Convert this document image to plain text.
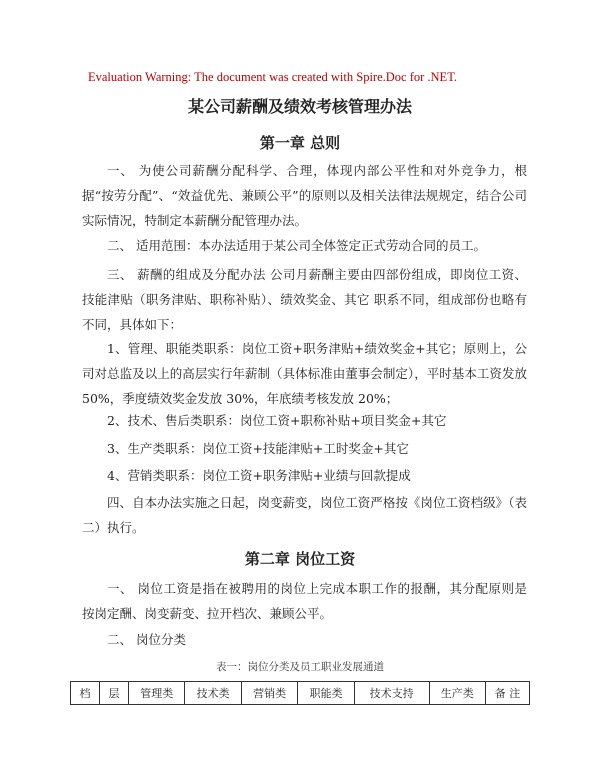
Evaluation Warning: The document was created with Spire.Doc for .NET.
某公司薪酬及绩效考核管理办法
第一章 总则
一、 为使公司薪酬分配科学、合理，体现内部公平性和对外竞争力，根据“按劳分配”、“效益优先、兼顾公平”的原则以及相关法律法规规定，结合公司实际情况，特制定本薪酬分配管理办法。
二、 适用范围：本办法适用于某公司全体签定正式劳动合同的员工。
三、 薪酬的组成及分配办法 公司月薪酬主要由四部份组成，即岗位工资、技能津贴（职务津贴、职称补贴）、绩效奖金、其它 职系不同，组成部份也略有不同，具体如下：
1、管理、职能类职系：岗位工资+职务津贴+绩效奖金+其它；原则上，公司对总监及以上的高层实行年薪制（具体标准由董事会制定），平时基本工资发放 50%，季度绩效奖金发放 30%，年底绩考核发放 20%；
2、技术、售后类职系：岗位工资+职称补贴+项目奖金+其它
3、生产类职系：岗位工资+技能津贴+工时奖金+其它
4、营销类职系：岗位工资+职务津贴+业绩与回款提成
四、自本办法实施之日起，岗变薪变，岗位工资严格按《岗位工资档级》（表二）执行。
第二章 岗位工资
一、 岗位工资是指在被聘用的岗位上完成本职工作的报酬，其分配原则是 按岗定酬、岗变薪变、拉开档次、兼顾公平。
二、 岗位分类
表一：岗位分类及员工职业发展通道
档	层	管理类	技术类	营销类	职能类	技术支持	生产类	备 注
